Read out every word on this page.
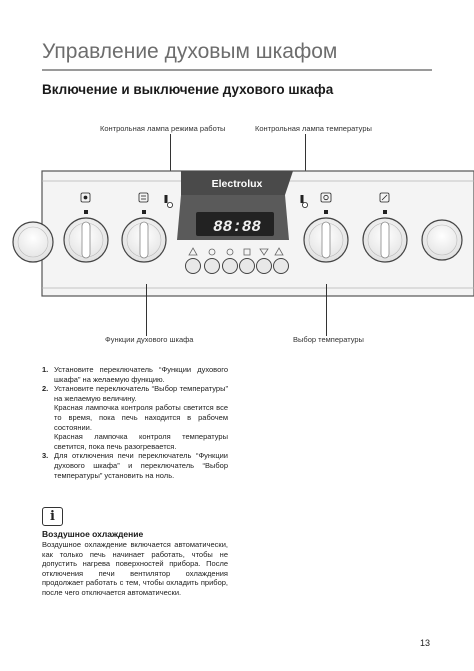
Управление духовым шкафом
Включение и выключение духового шкафа
Контрольная лампа режима работы	Контрольная лампа температуры
Electrolux
88:88
Функции духового шкафа	Выбор температуры
1. Установите переключатель “Функции духового шкафа” на желаемую функцию.

2. Установите переключатель “Выбор температуры” на желаемую величину.

Красная лампочка контроля работы светится все то время, пока печь находится в рабочем состоянии.

Красная лампочка контроля температуры светится, пока печь разогревается.

3. Для отключения печи переключатель “Функции духового шкафа” и переключатель “Выбор температуры” установить на ноль.

i
Воздушное охлаждение
Воздушное охлаждение включается автоматически, как только печь начинает работать, чтобы не допустить нагрева поверхностей прибора. После отключения печи вентилятор охлаждения продолжает работать с тем, чтобы охладить прибор, после чего отключается автоматически.
13
